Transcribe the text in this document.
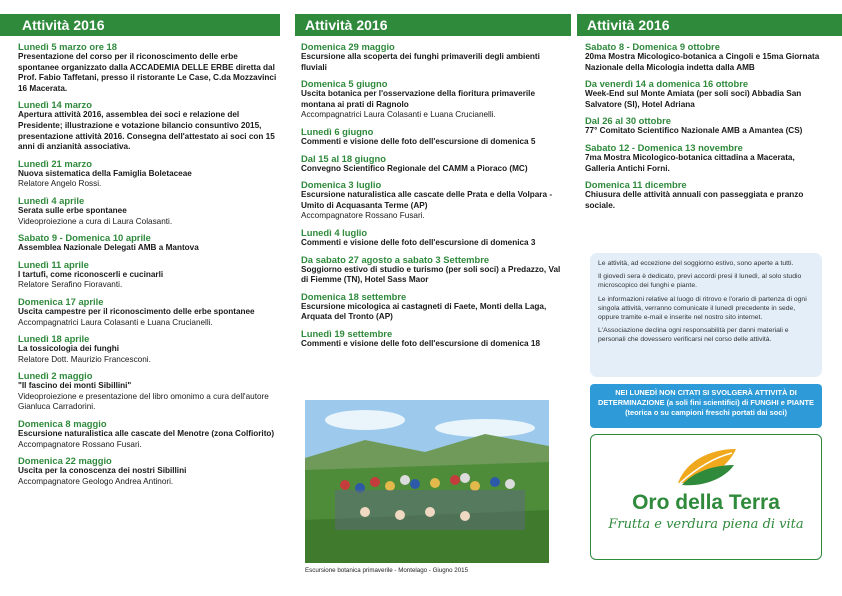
Attività 2016
Lunedì 5 marzo ore 18
Presentazione del corso per il riconoscimento delle erbe spontanee organizzato dalla ACCADEMIA DELLE ERBE diretta dal Prof. Fabio Taffetani, presso il ristorante Le Case, C.da Mozzavinci 16 Macerata.
Lunedì 14 marzo
Apertura attività 2016, assemblea dei soci e relazione del Presidente; illustrazione e votazione bilancio consuntivo 2015, presentazione attività 2016. Consegna dell'attestato ai soci con 15 anni di anzianità associativa.
Lunedì 21 marzo
Nuova sistematica della Famiglia Boletaceae
Relatore Angelo Rossi.
Lunedì 4 aprile
Serata sulle erbe spontanee
Videoproiezione a cura di Laura Colasanti.
Sabato 9 - Domenica 10 aprile
Assemblea Nazionale Delegati AMB a Mantova
Lunedì 11 aprile
I tartufi, come riconoscerli e cucinarli
Relatore Serafino Fioravanti.
Domenica 17 aprile
Uscita campestre per il riconoscimento delle erbe spontanee
Accompagnatrici Laura Colasanti e Luana Crucianelli.
Lunedì 18 aprile
La tossicologia dei funghi
Relatore Dott. Maurizio Francesconi.
Lunedì 2 maggio
"Il fascino dei monti Sibillini"
Videoproiezione e presentazione del libro omonimo a cura dell'autore Gianluca Carradorini.
Domenica 8 maggio
Escursione naturalistica alle cascate del Menotre (zona Colfiorito)
Accompagnatore Rossano Fusari.
Domenica 22 maggio
Uscita per la conoscenza dei nostri Sibillini
Accompagnatore Geologo Andrea Antinori.
Attività 2016
Domenica 29 maggio
Escursione alla scoperta dei funghi primaverili degli ambienti fluviali
Domenica 5 giugno
Uscita botanica per l'osservazione della fioritura primaverile montana ai prati di Ragnolo
Accompagnatrici Laura Colasanti e Luana Crucianelli.
Lunedì 6 giugno
Commenti e visione delle foto dell'escursione di domenica 5
Dal 15 al 18 giugno
Convegno Scientifico Regionale del CAMM a Pioraco (MC)
Domenica 3 luglio
Escursione naturalistica alle cascate delle Prata e della Volpara - Umito di Acquasanta Terme (AP)
Accompagnatore Rossano Fusari.
Lunedì 4 luglio
Commenti e visione delle foto dell'escursione di domenica 3
Da sabato 27 agosto a sabato 3 Settembre
Soggiorno estivo di studio e turismo (per soli soci) a Predazzo, Val di Fiemme (TN), Hotel Sass Maor
Domenica 18 settembre
Escursione micologica ai castagneti di Faete, Monti della Laga, Arquata del Tronto (AP)
Lunedì 19 settembre
Commenti e visione delle foto dell'escursione di domenica 18
Escursione botanica primaverile - Montelago - Giugno 2015
Attività 2016
Sabato 8 - Domenica 9 ottobre
20ma Mostra Micologico-botanica a Cingoli e 15ma Giornata Nazionale della Micologia indetta dalla AMB
Da venerdì 14 a domenica 16 ottobre
Week-End sul Monte Amiata (per soli soci) Abbadia San Salvatore (SI), Hotel Adriana
Dal 26 al 30 ottobre
77° Comitato Scientifico Nazionale AMB a Amantea (CS)
Sabato 12 - Domenica 13 novembre
7ma Mostra Micologico-botanica cittadina a Macerata, Galleria Antichi Forni.
Domenica 11 dicembre
Chiusura delle attività annuali con passeggiata e pranzo sociale.

Le attività, ad eccezione del soggiorno estivo, sono aperte a tutti.

Il giovedì sera è dedicato, previ accordi presi il lunedì, al solo studio microscopico dei funghi e piante.

Le informazioni relative al luogo di ritrovo e l'orario di partenza di ogni singola attività, verranno comunicate il lunedì precedente in sede, oppure tramite e-mail e inserite nel nostro sito internet.

L'Associazione declina ogni responsabilità per danni materiali e personali che dovessero verificarsi nel corso delle attività.

NEI LUNEDÌ NON CITATI SI SVOLGERÀ ATTIVITÀ DI DETERMINAZIONE (a soli fini scientifici) di FUNGHI e PIANTE (teorica o su campioni freschi portati dai soci)
Oro della Terra
Frutta e verdura piena di vita
